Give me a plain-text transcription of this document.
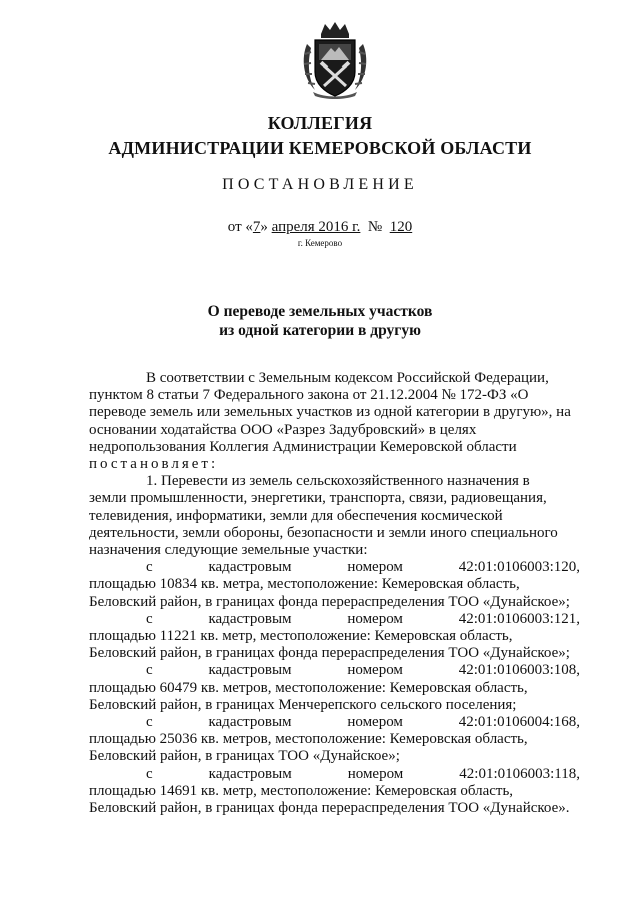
КОЛЛЕГИЯ
АДМИНИСТРАЦИИ КЕМЕРОВСКОЙ ОБЛАСТИ
ПОСТАНОВЛЕНИЕ
от «7» апреля 2016 г. № 120
г. Кемерово
О переводе земельных участков
из одной категории в другую

В соответствии с Земельным кодексом Российской Федерации,

пунктом 8 статьи 7 Федерального закона от 21.12.2004 № 172-ФЗ «О

переводе земель или земельных участков из одной категории в другую», на

основании ходатайства ООО «Разрез Задубровский» в целях

недропользования Коллегия Администрации Кемеровской области

постановляет:

1. Перевести из земель сельскохозяйственного назначения в

земли промышленности, энергетики, транспорта, связи, радиовещания,

телевидения, информатики, земли для обеспечения космической

деятельности, земли обороны, безопасности и земли иного специального

назначения следующие земельные участки:

с	кадастровым	номером	42:01:0106003:120,

площадью 10834 кв. метра, местоположение: Кемеровская область,

Беловский район, в границах фонда перераспределения ТОО «Дунайское»;

с	кадастровым	номером	42:01:0106003:121,

площадью 11221 кв. метр, местоположение: Кемеровская область,

Беловский район, в границах фонда перераспределения ТОО «Дунайское»;

с	кадастровым	номером	42:01:0106003:108,

площадью 60479 кв. метров, местоположение: Кемеровская область,

Беловский район, в границах Менчерепского сельского поселения;

с	кадастровым	номером	42:01:0106004:168,

площадью 25036 кв. метров, местоположение: Кемеровская область,

Беловский район, в границах ТОО «Дунайское»;

с	кадастровым	номером	42:01:0106003:118,

площадью 14691 кв. метр, местоположение: Кемеровская область,

Беловский район, в границах фонда перераспределения ТОО «Дунайское».
